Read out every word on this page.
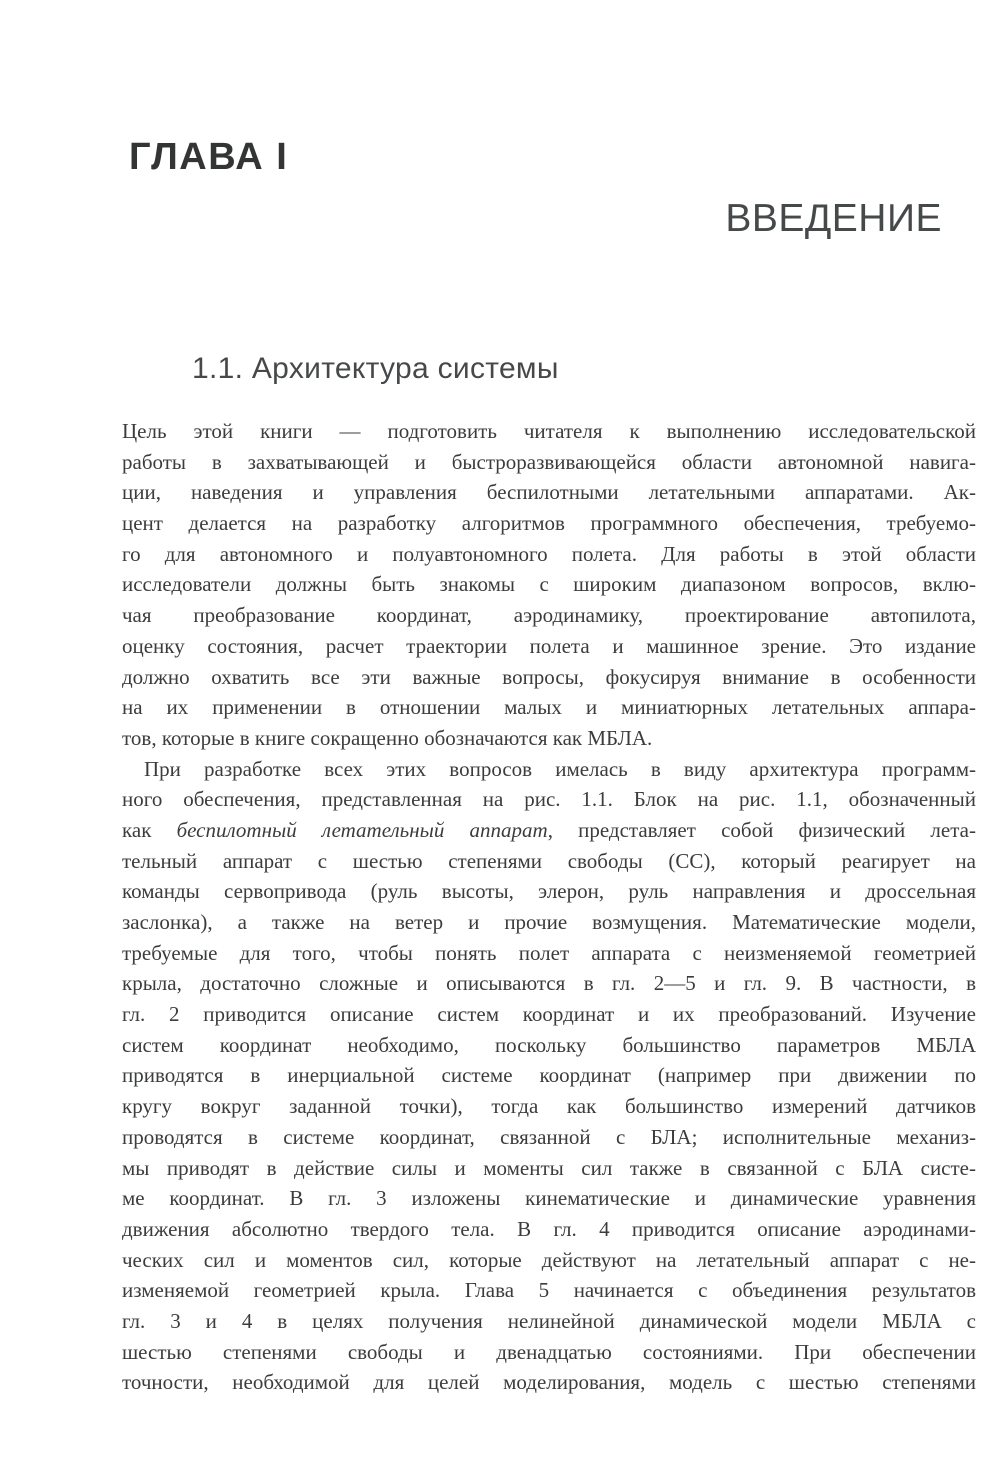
ГЛАВА I
ВВЕДЕНИЕ
1.1. Архитектура системы
Цель этой книги — подготовить читателя к выполнению исследовательской
работы в захватывающей и быстроразвивающейся области автономной навига-
ции, наведения и управления беспилотными летательными аппаратами. Ак-
цент делается на разработку алгоритмов программного обеспечения, требуемо-
го для автономного и полуавтономного полета. Для работы в этой области
исследователи должны быть знакомы с широким диапазоном вопросов, вклю-
чая преобразование координат, аэродинамику, проектирование автопилота,
оценку состояния, расчет траектории полета и машинное зрение. Это издание
должно охватить все эти важные вопросы, фокусируя внимание в особенности
на их применении в отношении малых и миниатюрных летательных аппара-
тов, которые в книге сокращенно обозначаются как МБЛА.
При разработке всех этих вопросов имелась в виду архитектура программ-
ного обеспечения, представленная на рис. 1.1. Блок на рис. 1.1, обозначенный
как беспилотный летательный аппарат, представляет собой физический лета-
тельный аппарат с шестью степенями свободы (СС), который реагирует на
команды сервопривода (руль высоты, элерон, руль направления и дроссельная
заслонка), а также на ветер и прочие возмущения. Математические модели,
требуемые для того, чтобы понять полет аппарата с неизменяемой геометрией
крыла, достаточно сложные и описываются в гл. 2—5 и гл. 9. В частности, в
гл. 2 приводится описание систем координат и их преобразований. Изучение
систем координат необходимо, поскольку большинство параметров МБЛА
приводятся в инерциальной системе координат (например при движении по
кругу вокруг заданной точки), тогда как большинство измерений датчиков
проводятся в системе координат, связанной с БЛА; исполнительные механиз-
мы приводят в действие силы и моменты сил также в связанной с БЛА систе-
ме координат. В гл. 3 изложены кинематические и динамические уравнения
движения абсолютно твердого тела. В гл. 4 приводится описание аэродинами-
ческих сил и моментов сил, которые действуют на летательный аппарат с не-
изменяемой геометрией крыла. Глава 5 начинается с объединения результатов
гл. 3 и 4 в целях получения нелинейной динамической модели МБЛА с
шестью степенями свободы и двенадцатью состояниями. При обеспечении
точности, необходимой для целей моделирования, модель с шестью степенями
